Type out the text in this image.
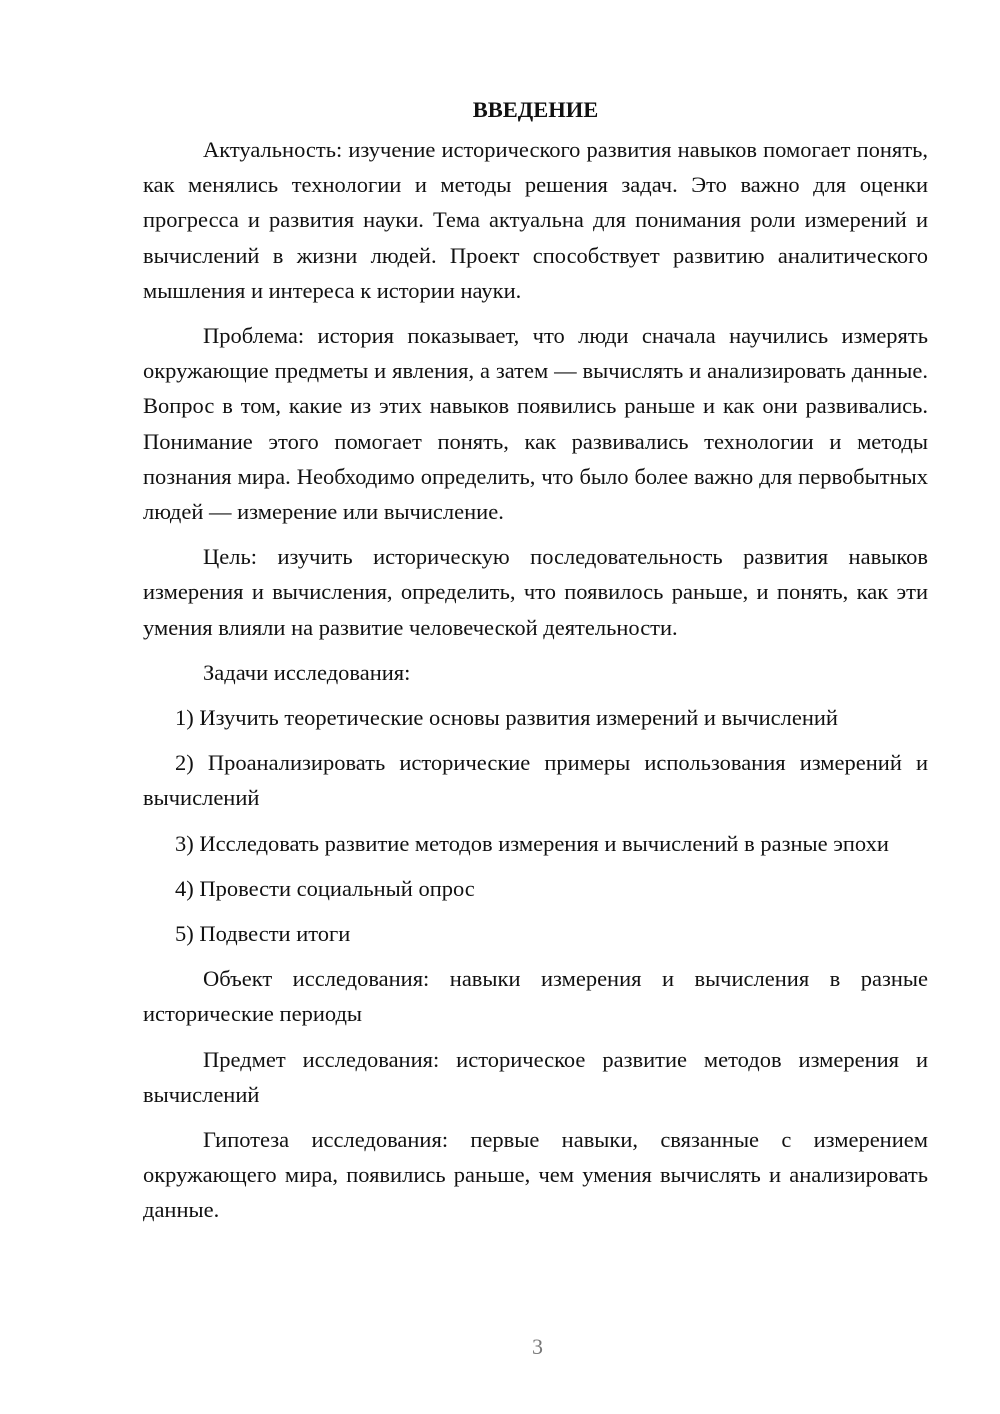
ВВЕДЕНИЕ

Актуальность: изучение исторического развития навыков помогает понять, как менялись технологии и методы решения задач. Это важно для оценки прогресса и развития науки. Тема актуальна для понимания роли измерений и вычислений в жизни людей. Проект способствует развитию аналитического мышления и интереса к истории науки.

Проблема: история показывает, что люди сначала научились измерять окружающие предметы и явления, а затем — вычислять и анализировать данные. Вопрос в том, какие из этих навыков появились раньше и как они развивались. Понимание этого помогает понять, как развивались технологии и методы познания мира. Необходимо определить, что было более важно для первобытных людей — измерение или вычисление.

Цель: изучить историческую последовательность развития навыков измерения и вычисления, определить, что появилось раньше, и понять, как эти умения влияли на развитие человеческой деятельности.

Задачи исследования:

1) Изучить теоретические основы развития измерений и вычислений

2) Проанализировать исторические примеры использования измерений и вычислений

3) Исследовать развитие методов измерения и вычислений в разные эпохи

4) Провести социальный опрос

5) Подвести итоги

Объект исследования: навыки измерения и вычисления в разные исторические периоды

Предмет исследования: историческое развитие методов измерения и вычислений

Гипотеза исследования: первые навыки, связанные с измерением окружающего мира, появились раньше, чем умения вычислять и анализировать данные.

3
